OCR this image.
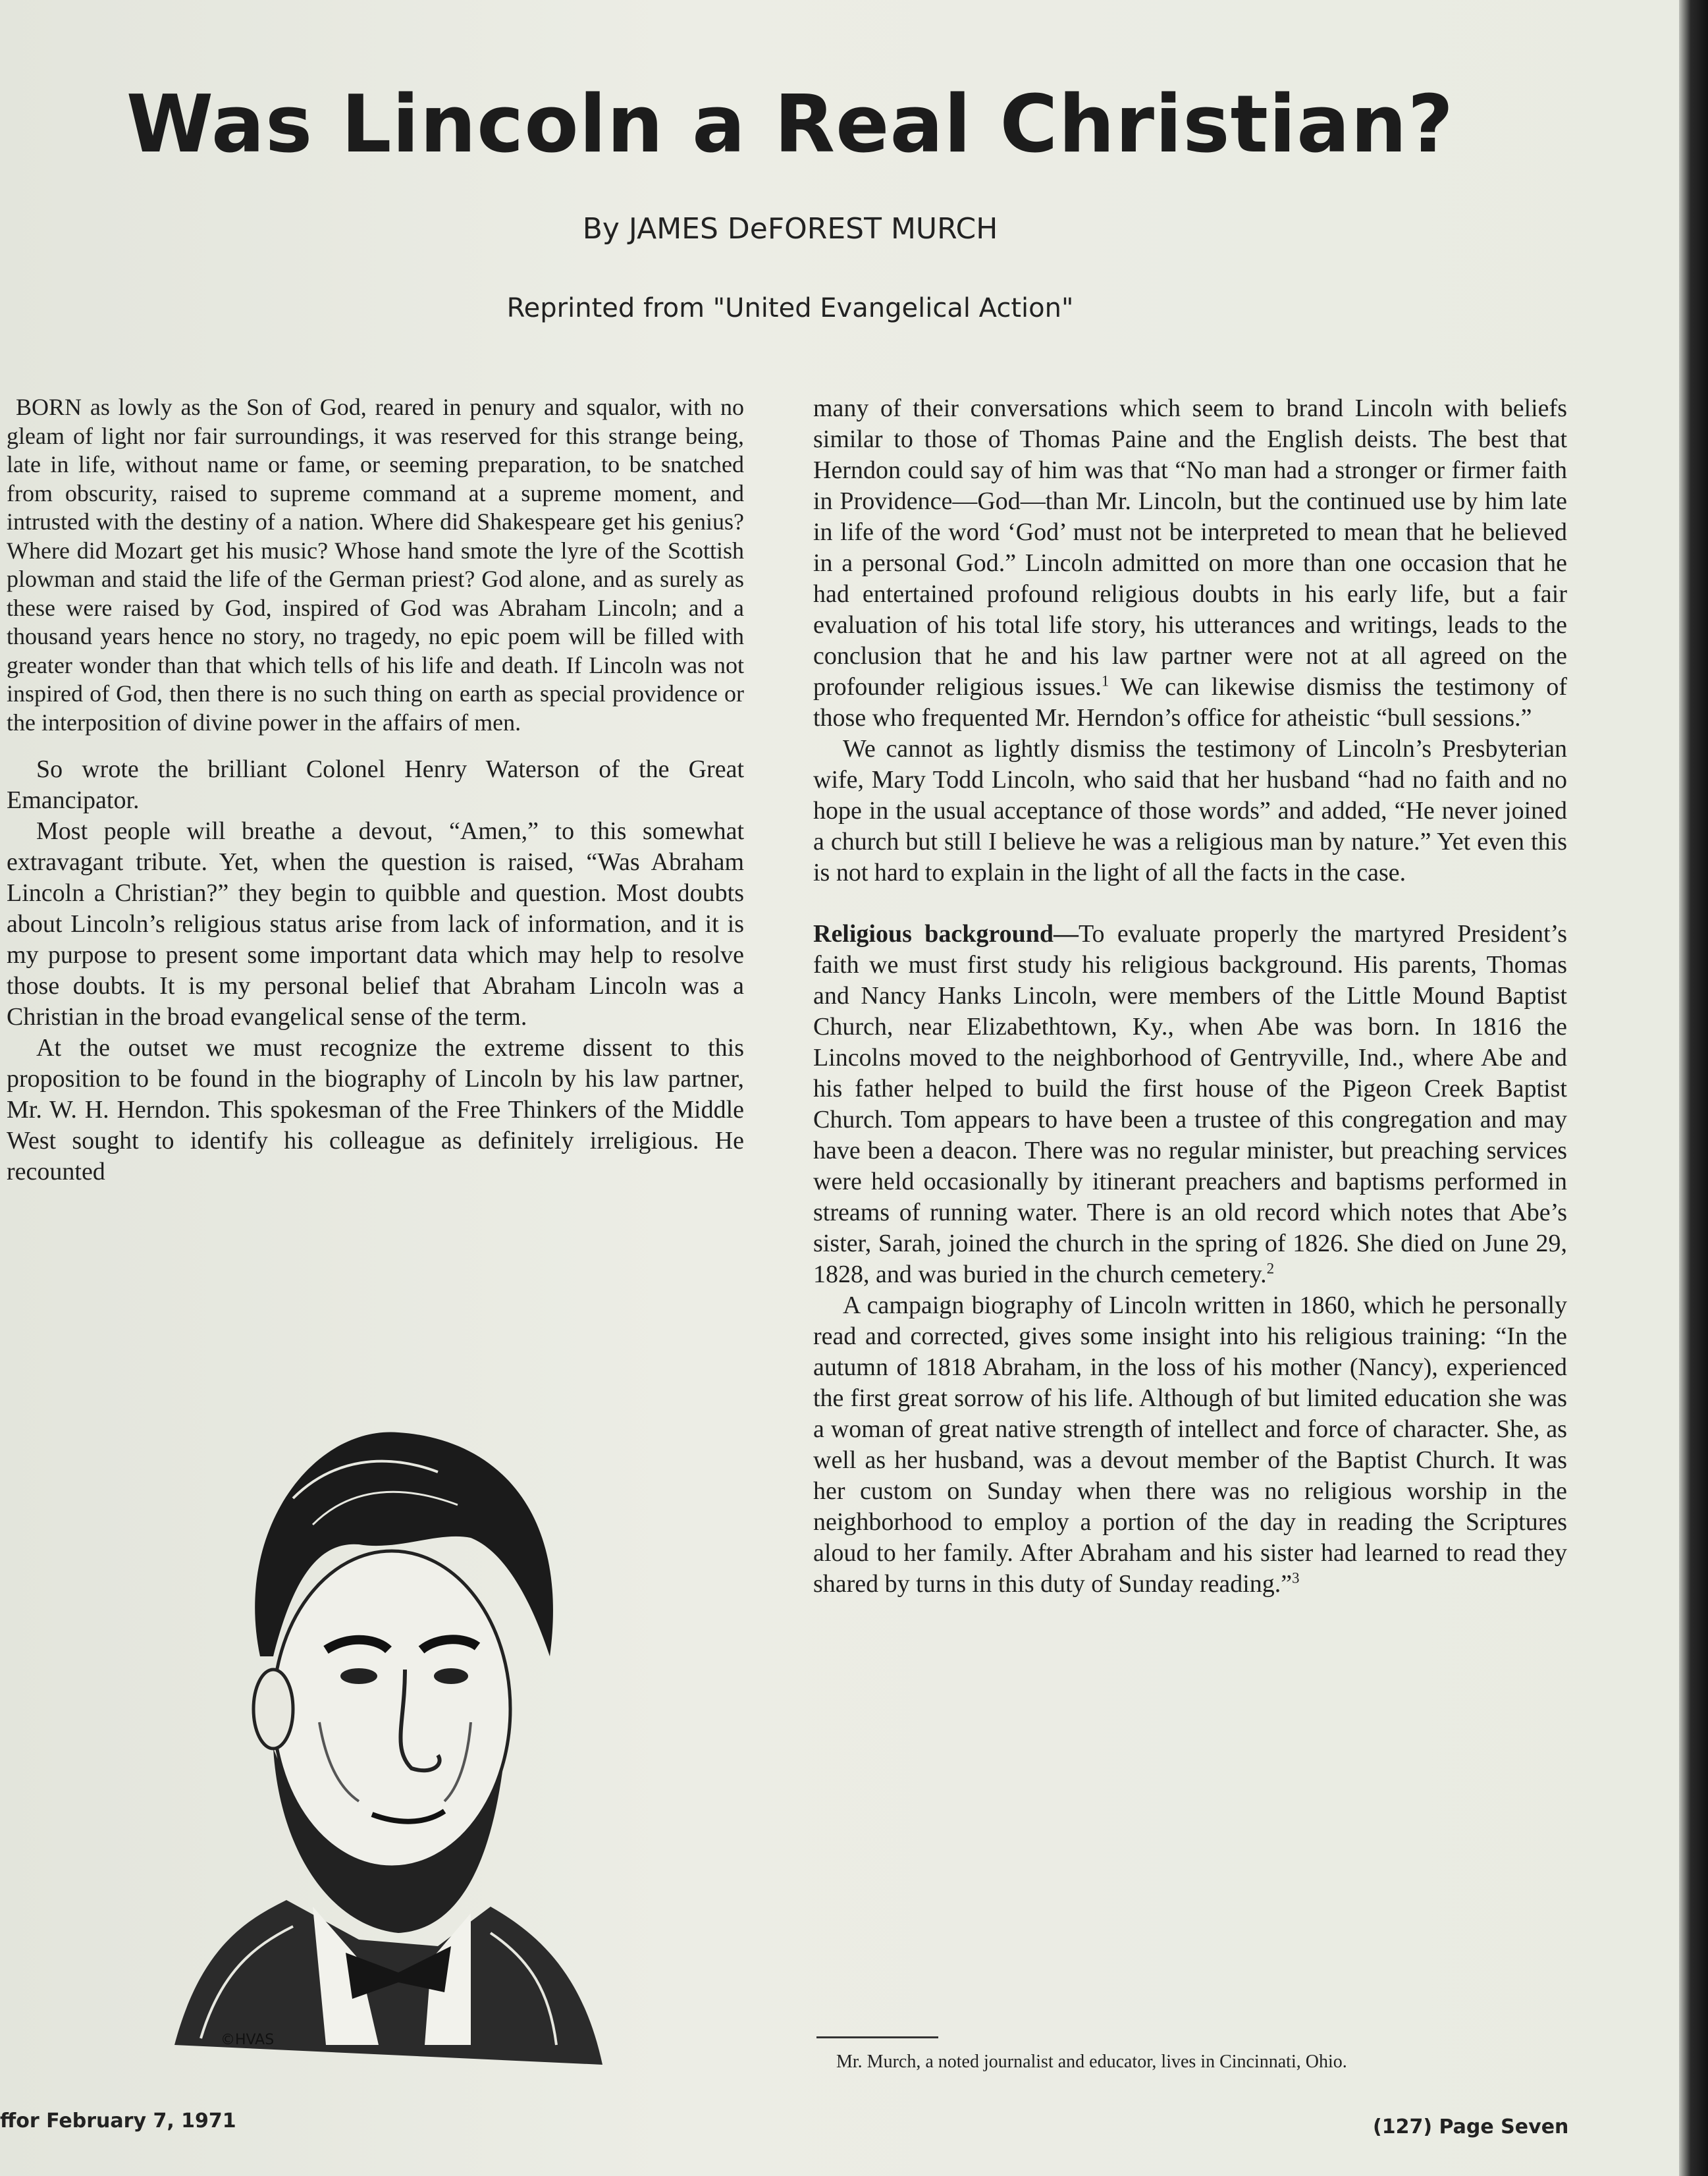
Was Lincoln a Real Christian?
By JAMES DeFOREST MURCH
Reprinted from "United Evangelical Action"

BORN as lowly as the Son of God, reared in penury and squalor, with no gleam of light nor fair surroundings, it was reserved for this strange being, late in life, without name or fame, or seeming preparation, to be snatched from obscurity, raised to supreme command at a supreme moment, and intrusted with the destiny of a nation. Where did Shakespeare get his genius? Where did Mozart get his music? Whose hand smote the lyre of the Scottish plowman and staid the life of the German priest? God alone, and as surely as these were raised by God, inspired of God was Abraham Lincoln; and a thousand years hence no story, no tragedy, no epic poem will be filled with greater wonder than that which tells of his life and death. If Lincoln was not inspired of God, then there is no such thing on earth as special providence or the interposition of divine power in the affairs of men.

So wrote the brilliant Colonel Henry Waterson of the Great Emancipator.

Most people will breathe a devout, “Amen,” to this somewhat extravagant tribute. Yet, when the question is raised, “Was Abraham Lincoln a Christian?” they begin to quibble and question. Most doubts about Lincoln’s religious status arise from lack of information, and it is my purpose to present some important data which may help to resolve those doubts. It is my personal belief that Abraham Lincoln was a Christian in the broad evangelical sense of the term.

At the outset we must recognize the extreme dissent to this proposition to be found in the biography of Lincoln by his law partner, Mr. W. H. Herndon. This spokesman of the Free Thinkers of the Middle West sought to identify his colleague as definitely irreligious. He recounted

many of their conversations which seem to brand Lincoln with beliefs similar to those of Thomas Paine and the English deists. The best that Herndon could say of him was that “No man had a stronger or firmer faith in Providence—God—than Mr. Lincoln, but the continued use by him late in life of the word ‘God’ must not be interpreted to mean that he believed in a personal God.” Lincoln admitted on more than one occasion that he had entertained profound religious doubts in his early life, but a fair evaluation of his total life story, his utterances and writings, leads to the conclusion that he and his law partner were not at all agreed on the profounder religious issues.$^1$ We can likewise dismiss the testimony of those who frequented Mr. Herndon’s office for atheistic “bull sessions.”

We cannot as lightly dismiss the testimony of Lincoln’s Presbyterian wife, Mary Todd Lincoln, who said that her husband “had no faith and no hope in the usual acceptance of those words” and added, “He never joined a church but still I believe he was a religious man by nature.” Yet even this is not hard to explain in the light of all the facts in the case.

Religious background—To evaluate properly the martyred President’s faith we must first study his religious background. His parents, Thomas and Nancy Hanks Lincoln, were members of the Little Mound Baptist Church, near Elizabethtown, Ky., when Abe was born. In 1816 the Lincolns moved to the neighborhood of Gentryville, Ind., where Abe and his father helped to build the first house of the Pigeon Creek Baptist Church. Tom appears to have been a trustee of this congregation and may have been a deacon. There was no regular minister, but preaching services were held occasionally by itinerant preachers and baptisms performed in streams of running water. There is an old record which notes that Abe’s sister, Sarah, joined the church in the spring of 1826. She died on June 29, 1828, and was buried in the church cemetery.$^2$

A campaign biography of Lincoln written in 1860, which he personally read and corrected, gives some insight into his religious training: “In the autumn of 1818 Abraham, in the loss of his mother (Nancy), experienced the first great sorrow of his life. Although of but limited education she was a woman of great native strength of intellect and force of character. She, as well as her husband, was a devout member of the Baptist Church. It was her custom on Sunday when there was no religious worship in the neighborhood to employ a portion of the day in reading the Scriptures aloud to her family. After Abraham and his sister had learned to read they shared by turns in this duty of Sunday reading.”$^3$

©HVAS
Mr. Murch, a noted journalist and educator, lives in Cincinnati, Ohio.
ffor February 7, 1971	(127) Page Seven
